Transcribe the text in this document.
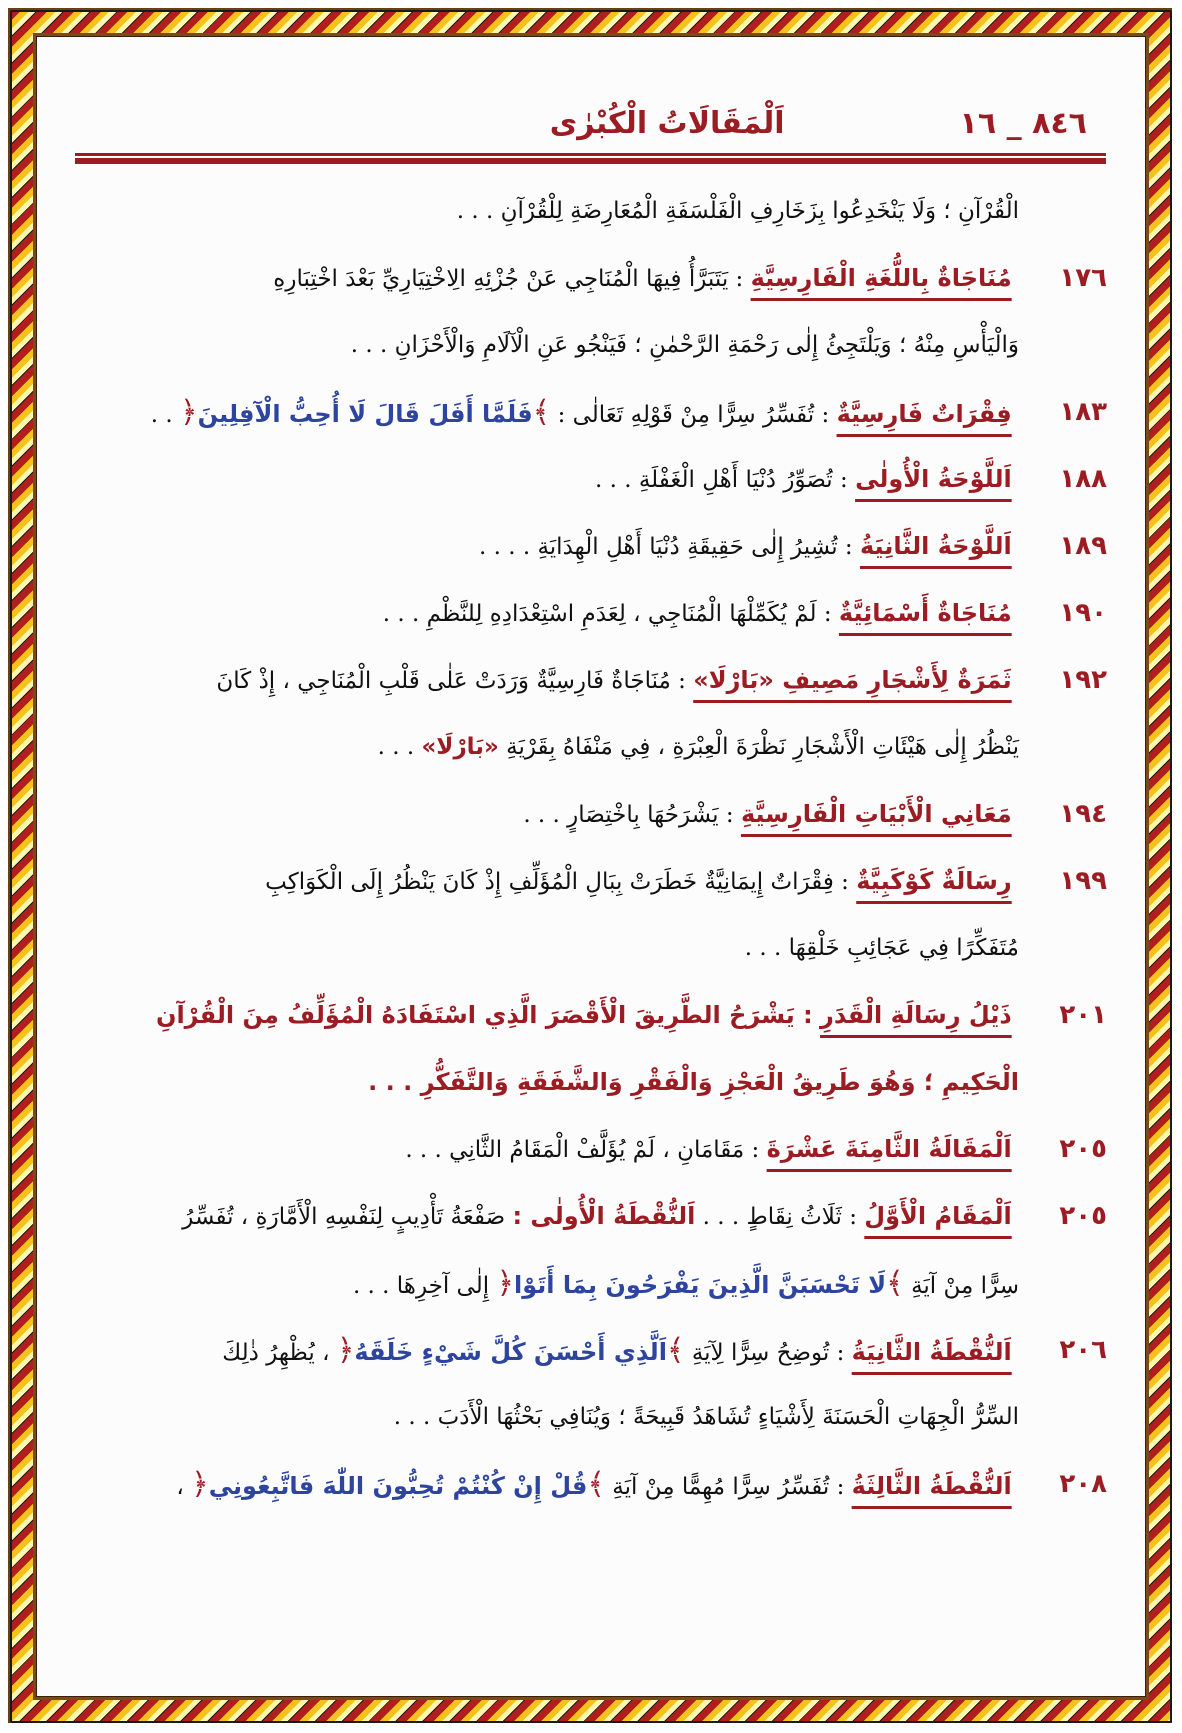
٨٤٦ _ ١٦
اَلْمَقَالَاتُ الْكُبْرٰى
الْقُرْآنِ ؛ وَلَا يَنْخَدِعُوا بِزَخَارِفِ الْفَلْسَفَةِ الْمُعَارِضَةِ لِلْقُرْآنِ . . .
١٧٦ مُنَاجَاةٌ بِاللُّغَةِ الْفَارِسِيَّةِ : يَتَبَرَّأُ فِيهَا الْمُنَاجِي عَنْ جُزْئِهِ الِاخْتِيَارِيِّ بَعْدَ اخْتِبَارِهِ
وَالْيَأْسِ مِنْهُ ؛ وَيَلْتَجِئُ إِلٰى رَحْمَةِ الرَّحْمٰنِ ؛ فَيَنْجُو عَنِ الْآلَامِ وَالْأَحْزَانِ . . .
١٨٣ فِقْرَاتٌ فَارِسِيَّةٌ : تُفَسِّرُ سِرًّا مِنْ قَوْلِهِ تَعَالٰى : ﴾فَلَمَّا أَفَلَ قَالَ لَا أُحِبُّ الْآفِلِينَ﴿ . .
١٨٨ اَللَّوْحَةُ الْأُولٰى : تُصَوِّرُ دُنْيَا أَهْلِ الْغَفْلَةِ . . .
١٨٩ اَللَّوْحَةُ الثَّانِيَةُ : تُشِيرُ إِلٰى حَقِيقَةِ دُنْيَا أَهْلِ الْهِدَايَةِ . . . .
١٩٠ مُنَاجَاةٌ أَسْمَائِيَّةٌ : لَمْ يُكَمِّلْهَا الْمُنَاجِي ، لِعَدَمِ اسْتِعْدَادِهِ لِلنَّظْمِ . . .
١٩٢ ثَمَرَةٌ لِأَشْجَارِ مَصِيفِ «بَارْلَا» : مُنَاجَاةٌ فَارِسِيَّةٌ وَرَدَتْ عَلٰى قَلْبِ الْمُنَاجِي ، إِذْ كَانَ
يَنْظُرُ إِلٰى هَيْئَاتِ الْأَشْجَارِ نَظْرَةَ الْعِبْرَةِ ، فِي مَنْفَاهُ بِقَرْيَةِ «بَارْلَا» . . .
١٩٤ مَعَانِي الْأَبْيَاتِ الْفَارِسِيَّةِ : يَشْرَحُهَا بِاخْتِصَارٍ . . .
١٩٩ رِسَالَةٌ كَوْكَبِيَّةٌ : فِقْرَاتٌ إِيمَانِيَّةٌ خَطَرَتْ بِبَالِ الْمُؤَلِّفِ إِذْ كَانَ يَنْظُرُ إِلَى الْكَوَاكِبِ
مُتَفَكِّرًا فِي عَجَائِبِ خَلْقِهَا . . .
٢٠١ ذَيْلُ رِسَالَةِ الْقَدَرِ : يَشْرَحُ الطَّرِيقَ الْأَقْصَرَ الَّذِي اسْتَفَادَهُ الْمُؤَلِّفُ مِنَ الْقُرْآنِ
الْحَكِيمِ ؛ وَهُوَ طَرِيقُ الْعَجْزِ وَالْفَقْرِ وَالشَّفَقَةِ وَالتَّفَكُّرِ . . .
٢٠٥ اَلْمَقَالَةُ الثَّامِنَةَ عَشْرَةَ : مَقَامَانِ ، لَمْ يُؤَلَّفْ الْمَقَامُ الثَّانِي . . .
٢٠٥ اَلْمَقَامُ الْأَوَّلُ : ثَلَاثُ نِقَاطٍ . . . اَلنُّقْطَةُ الْأُولٰى : صَفْعَةُ تَأْدِيبٍ لِنَفْسِهِ الْأَمَّارَةِ ، تُفَسِّرُ
سِرًّا مِنْ آيَةِ ﴾لَا تَحْسَبَنَّ الَّذِينَ يَفْرَحُونَ بِمَا أَتَوْا﴿ إِلٰى آخِرِهَا . . .
٢٠٦ اَلنُّقْطَةُ الثَّانِيَةُ : تُوضِحُ سِرًّا لِآيَةِ ﴾اَلَّذِي أَحْسَنَ كُلَّ شَيْءٍ خَلَقَهُ﴿ ، يُظْهِرُ ذٰلِكَ
السِّرُّ الْجِهَاتِ الْحَسَنَةَ لِأَشْيَاءٍ تُشَاهَدُ قَبِيحَةً ؛ وَيُنَافِي بَحْثُهَا الْأَدَبَ . . .
٢٠٨ اَلنُّقْطَةُ الثَّالِثَةُ : تُفَسِّرُ سِرًّا مُهِمًّا مِنْ آيَةِ ﴾قُلْ إِنْ كُنْتُمْ تُحِبُّونَ اللّٰهَ فَاتَّبِعُونِي﴿ ،
